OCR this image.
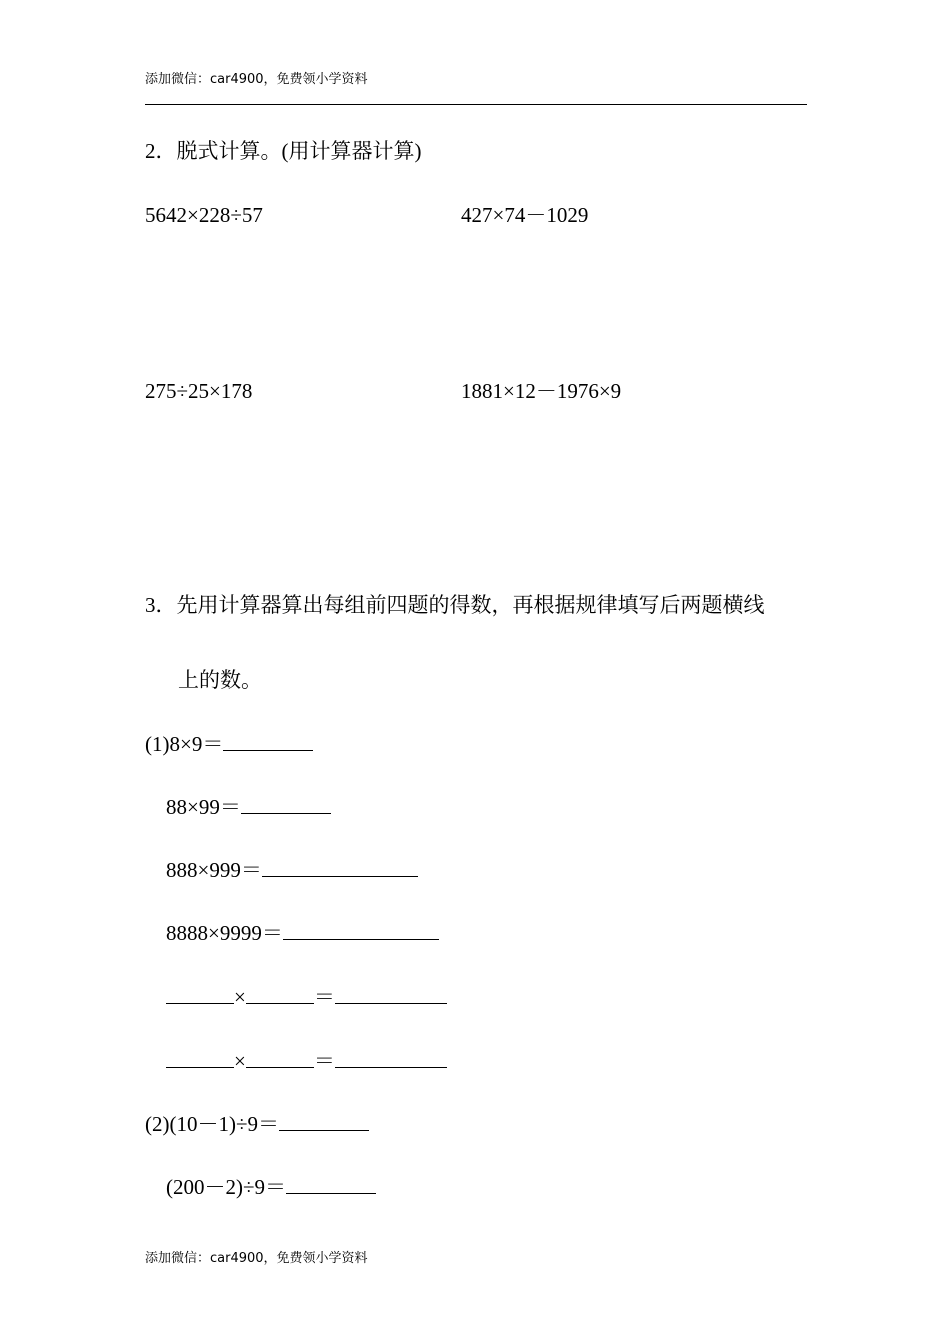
添加微信：car4900，免费领小学资料
2．脱式计算。(用计算器计算)
5642×228÷57	427×74－1029
275÷25×178	1881×12－1976×9
3．先用计算器算出每组前四题的得数，再根据规律填写后两题横线
上的数。
(1)8×9＝
88×99＝
888×999＝
8888×9999＝
×	＝
×	＝
(2)(10－1)÷9＝
(200－2)÷9＝
添加微信：car4900，免费领小学资料
